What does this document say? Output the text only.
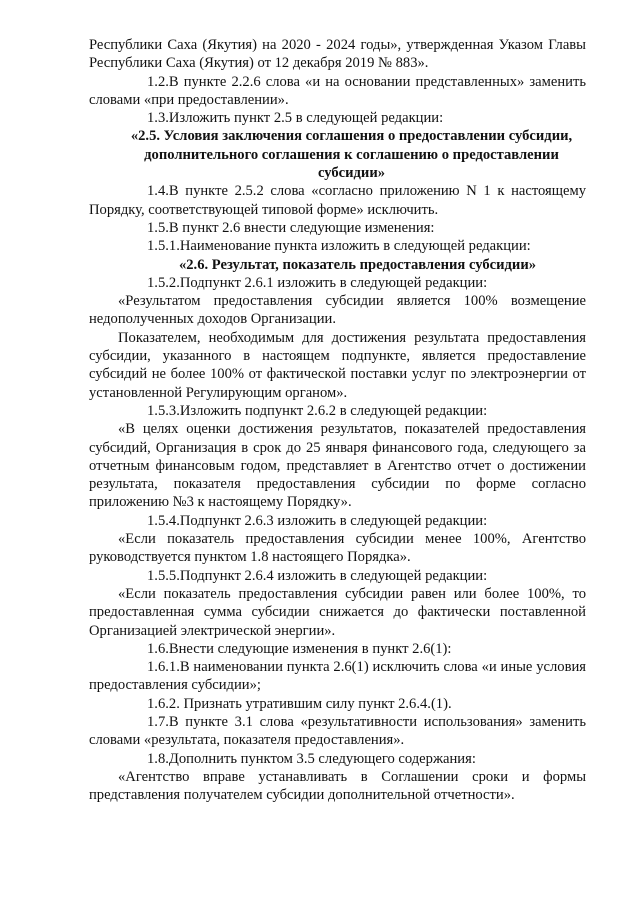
Республики Саха (Якутия) на 2020 - 2024 годы», утвержденная Указом Главы Республики Саха (Якутия) от 12 декабря 2019 № 883».

1.2.В пункте 2.2.6 слова «и на основании представленных» заменить словами «при предоставлении».

1.3.Изложить пункт 2.5 в следующей редакции:

«2.5. Условия заключения соглашения о предоставлении субсидии, дополнительного соглашения к соглашению о предоставлении субсидии»

1.4.В пункте 2.5.2 слова «согласно приложению N 1 к настоящему Порядку, соответствующей типовой форме» исключить.

1.5.В пункт 2.6 внести следующие изменения:

1.5.1.Наименование пункта изложить в следующей редакции:

«2.6. Результат, показатель предоставления субсидии»

1.5.2.Подпункт 2.6.1 изложить в следующей редакции:

«Результатом предоставления субсидии является 100% возмещение недополученных доходов Организации.

Показателем, необходимым для достижения результата предоставления субсидии, указанного в настоящем подпункте, является предоставление субсидий не более 100% от фактической поставки услуг по электроэнергии от установленной Регулирующим органом».

1.5.3.Изложить подпункт 2.6.2 в следующей редакции:

«В целях оценки достижения результатов, показателей предоставления субсидий, Организация в срок до 25 января финансового года, следующего за отчетным финансовым годом, представляет в Агентство отчет о достижении результата, показателя предоставления субсидии по форме согласно приложению №3 к настоящему Порядку».

1.5.4.Подпункт 2.6.3 изложить в следующей редакции:

«Если показатель предоставления субсидии менее 100%, Агентство руководствуется пунктом 1.8 настоящего Порядка».

1.5.5.Подпункт 2.6.4 изложить в следующей редакции:

«Если показатель предоставления субсидии равен или более 100%, то предоставленная сумма субсидии снижается до фактически поставленной Организацией электрической энергии».

1.6.Внести следующие изменения в пункт 2.6(1):

1.6.1.В наименовании пункта 2.6(1) исключить слова «и иные условия предоставления субсидии»;

1.6.2. Признать утратившим силу пункт 2.6.4.(1).

1.7.В пункте 3.1 слова «результативности использования» заменить словами «результата, показателя предоставления».

1.8.Дополнить пунктом 3.5 следующего содержания:

«Агентство вправе устанавливать в Соглашении сроки и формы представления получателем субсидии дополнительной отчетности».
